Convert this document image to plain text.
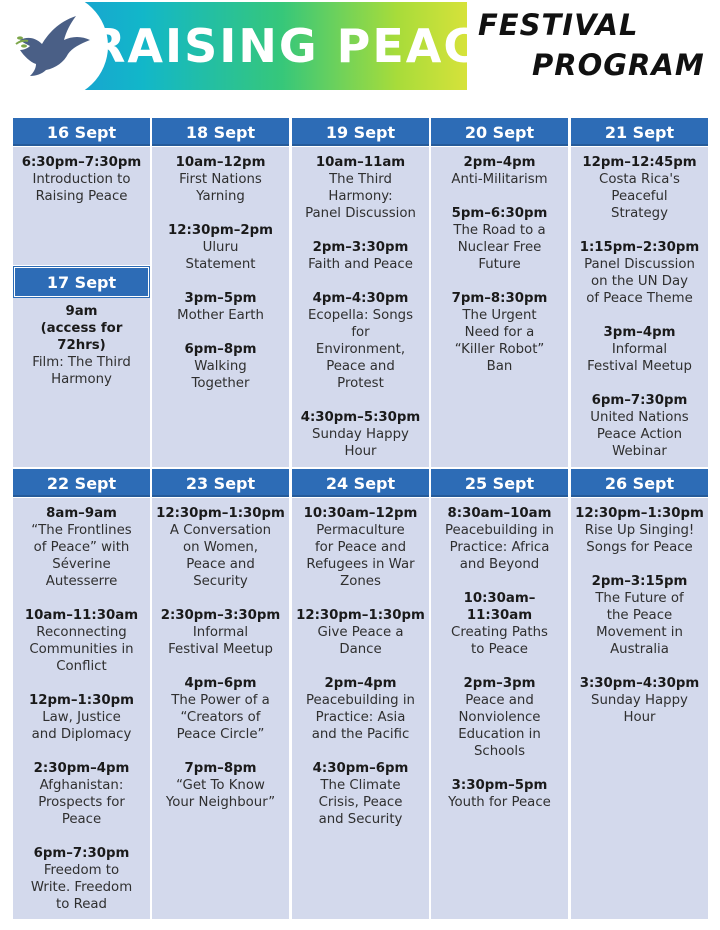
RAISING PEACE
FESTIVAL
PROGRAM
16 Sept
6:30pm–7:30pm
Introduction to
Raising Peace
17 Sept
9am
(access for
72hrs)
Film: The Third
Harmony
18 Sept
10am–12pm
First Nations
Yarning
12:30pm–2pm
Uluru
Statement
3pm–5pm
Mother Earth
6pm–8pm
Walking
Together
19 Sept
10am–11am
The Third
Harmony:
Panel Discussion
2pm–3:30pm
Faith and Peace
4pm–4:30pm
Ecopella: Songs
for
Environment,
Peace and
Protest
4:30pm–5:30pm
Sunday Happy
Hour
20 Sept
2pm–4pm
Anti-Militarism
5pm–6:30pm
The Road to a
Nuclear Free
Future
7pm–8:30pm
The Urgent
Need for a
“Killer Robot”
Ban
21 Sept
12pm–12:45pm
Costa Rica's
Peaceful
Strategy
1:15pm–2:30pm
Panel Discussion
on the UN Day
of Peace Theme
3pm–4pm
Informal
Festival Meetup
6pm–7:30pm
United Nations
Peace Action
Webinar
22 Sept
8am–9am
“The Frontlines
of Peace” with
Séverine
Autesserre
10am–11:30am
Reconnecting
Communities in
Conflict
12pm–1:30pm
Law, Justice
and Diplomacy
2:30pm–4pm
Afghanistan:
Prospects for
Peace
6pm–7:30pm
Freedom to
Write. Freedom
to Read
23 Sept
12:30pm–1:30pm
A Conversation
on Women,
Peace and
Security
2:30pm–3:30pm
Informal
Festival Meetup
4pm–6pm
The Power of a
“Creators of
Peace Circle”
7pm–8pm
“Get To Know
Your Neighbour”
24 Sept
10:30am–12pm
Permaculture
for Peace and
Refugees in War
Zones
12:30pm–1:30pm
Give Peace a
Dance
2pm–4pm
Peacebuilding in
Practice: Asia
and the Pacific
4:30pm–6pm
The Climate
Crisis, Peace
and Security
25 Sept
8:30am–10am
Peacebuilding in
Practice: Africa
and Beyond
10:30am–
11:30am
Creating Paths
to Peace
2pm–3pm
Peace and
Nonviolence
Education in
Schools
3:30pm–5pm
Youth for Peace
26 Sept
12:30pm–1:30pm
Rise Up Singing!
Songs for Peace
2pm–3:15pm
The Future of
the Peace
Movement in
Australia
3:30pm–4:30pm
Sunday Happy
Hour
